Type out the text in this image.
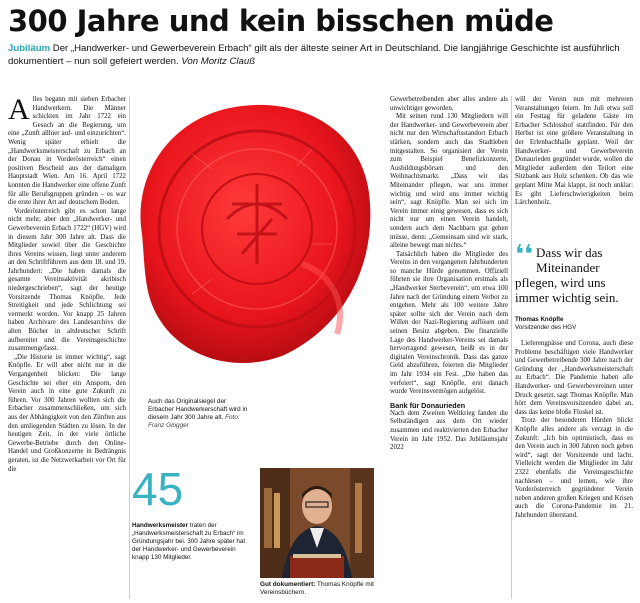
300 Jahre und kein bisschen müde
Jubiläum Der „Handwerker- und Gewerbeverein Erbach“ gilt als der älteste seiner Art in Deutschland. Die langjährige Geschichte ist ausführlich dokumentiert – nun soll gefeiert werden. Von Moritz Clauß

Alles begann mit sieben Erbacher Handwerkern. Die Männer schickten im Jahr 1722 ein Gesuch an die Regierung, um eine „Zunft allhier auf- und einzurichten“. Wenig später erhielt die „Handwerksmeisterschaft zu Erbach an der Donau in Vorderösterreich“ einen positiven Bescheid aus der damaligen Hauptstadt Wien. Am 16. April 1722 konnten die Handwerker eine offene Zunft für alle Berufsgruppen gründen – es war die erste ihrer Art auf deutschem Boden.

Vorderösterreich gibt es schon lange nicht mehr, aber den „Handwerker- und Gewerbeverein Erbach 1722“ (HGV) wird in diesem Jahr 300 Jahre alt. Dass die Mitglieder sowiel über die Geschichte ihres Vereins wissen, liegt unter anderem an den Schriftführern aus dem 18. und 19. Jahrhundert: „Die haben damals die gesamte Vereinsaktivität akribisch niedergeschrieben“, sagt der heutige Vorsitzende Thomas Knöpfle. Jede Streitigkeit und jede Schlichtung sei vermerkt worden. Vor knapp 25 Jahren haben Archivare des Landesarchivs die alten Bücher in altdeutscher Schrift aufbereitet und die Vereinsgeschichte zusammengefasst.

„Die Historie ist immer wichtig“, sagt Knöpfle. Er will aber nicht nur in die Vergangenheit blicken: Die lange Geschichte sei eher ein Ansporn, den Verein auch in eine gute Zukunft zu führen. Vor 300 Jahren wollten sich die Erbacher zusammenschließen, um sich aus der Abhängigkeit von den Zünften aus den umliegenden Städten zu lösen. In der heutigen Zeit, in der viele örtliche Gewerbe-Betriebe durch den Online-Handel und Großkonzerne in Bedrängnis geraten, ist die Netzwerkarbeit vor Ort für die

Auch das Originalsiegel der Erbacher Handwerkerschaft wird in diesem Jahr 300 Jahre alt. Foto: Franz Glogger
45
Handwerksmeister traten der „Handwerksmeisterschaft zu Erbach“ im Gründungsjahr bei. 300 Jahre später hat der Handwerker- und Gewerbeverein knapp 130 Mitglieder.
Gut dokumentiert: Thomas Knöpfle mit Vereinsbüchern.

Gewerbetreibenden aber alles andere als unwichtiger geworden.

Mit seinen rund 130 Mitgliedern will der Handwerker- und Gewerbeverein aber nicht nur den Wirtschaftsstandort Erbach stärken, sondern auch das Stadtleben mitgestalten. So organisiert der Verein zum Beispiel Benefizkonzerte, Ausbildungsbörsen und den Weihnachtsmarkt. „Dass wir das Miteinander pflegen, war uns immer wichtig und wird uns immer wichtig sein“, sagt Knöpfle. Man sei sich im Verein immer einig gewesen, dass es sich nicht nur um einen Verein handelt, sondern auch dem Nachbarn gut gehen müsse, denn: „Gemeinsam sind wir stark, alleine bewegt man nichts.“

Tatsächlich haben die Mitglieder des Vereins in den vergangenen Jahrhunderten so manche Hürde genommen. Offiziell führten sie ihre Organisation erstmals als „Handwerker Sterbeverein“, um etwa 100 Jahre nach der Gründung einem Verbot zu entgehen. Mehr als 100 weitere Jahre später sollte sich der Verein nach dem Willen der Nazi-Regierung auflösen und seinen Besitz abgeben. Die finanzielle Lage des Handwerker-Vereins sei damals hervorragend gewesen, heißt es in der digitalen Vereinschronik. Dass das ganze Geld abzuführen, feierten die Mitglieder im Jahr 1934 ein Fest. „Die haben das verfeiert“, sagt Knöpfle, erst danach wurde Vereinsvermögen aufgelöst.

Bank für Donaurieden

Nach dem Zweiten Weltkrieg fanden die Selbständigen aus dem Ort wieder zusammen und reaktivierten den Erbacher Verein im Jahr 1952. Das Jubiläumsjahr 2022

will der Verein nun mit mehreren Veranstaltungen feiern. Im Juli etwa soll ein Festtag für geladene Gäste im Erbacher Schlosshof stattfinden. Für den Herbst ist eine größere Veranstaltung in der Erlenbachhalle geplant. Weil der Handwerker- und Gewerbeverein Donaurieden gegründet wurde, wollen die Mitglieder außerdem den Teilort eine Sitzbank aus Holz schenken. Ob das wie geplant Mitte Mai klappt, ist noch unklar: Es gibt Lieferschwierigkeiten beim Lärchenholz.

❛❛ Dass wir das Miteinander pflegen, wird uns immer wichtig sein.
Thomas Knöpfle
Vorsitzender des HGV

Lieferengpässe und Corona, auch diese Probleme beschäftigen viele Handwerker und Gewerbetreibende 300 Jahre nach der Gründung der „Handwerksmeisterschaft zu Erbach“. Die Pandemie haben alle Handwerker- und Gewerbevereinen unter Druck gesetzt, sagt Thomas Knöpfle. Man hört dem Vereinsvorsitzenden dabei an, dass das keine bloße Floskel ist.

Trotz der besonderen Hürden blickt Knöpfle alles andere als verzagt in die Zukunft: „Ich bin optimistisch, dass es den Verein auch in 300 Jahren noch geben wird“, sagt der Vorsitzende und lacht. Vielleicht werden die Mitglieder im Jahr 2322 ebenfalls die Vereinsgeschichte nachlesen – und lernen, wie ihre Vorderösterreich gegründeter Verein neben anderen großen Kriegen und Krisen auch die Corona-Pandemie im 21. Jahrhundert überstand.
